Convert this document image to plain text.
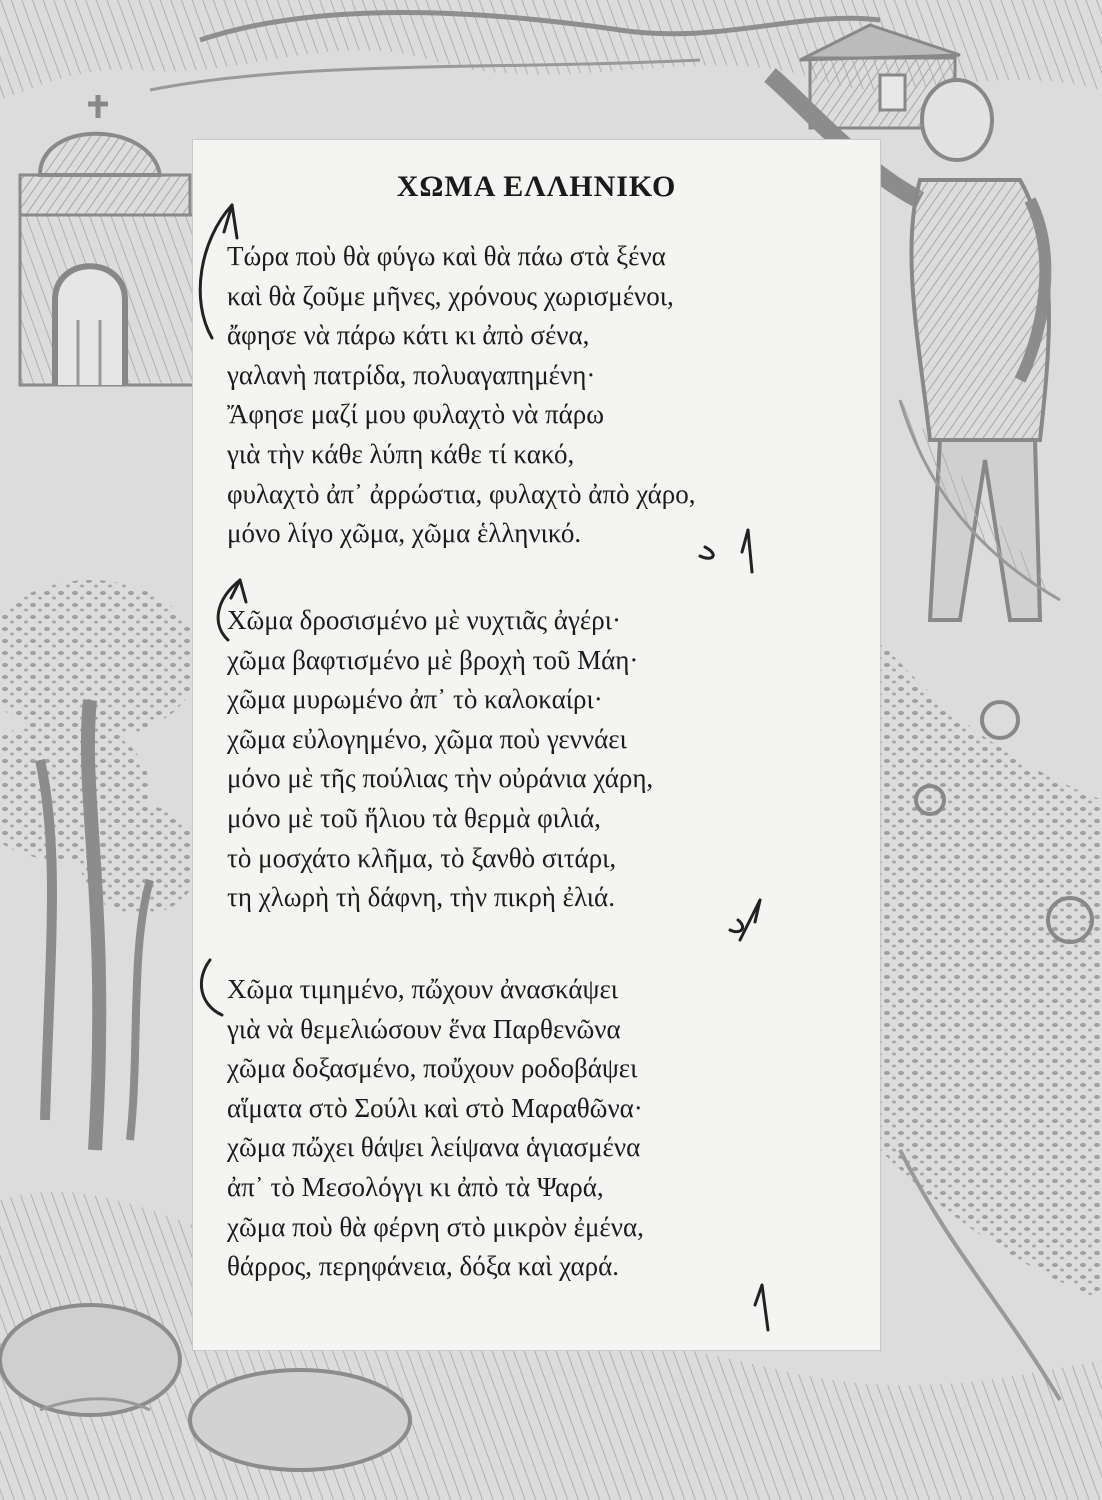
ΧΩΜΑ ΕΛΛΗΝΙΚΟ
Τώρα ποὺ θὰ φύγω καὶ θὰ πάω στὰ ξένα
καὶ θὰ ζοῦμε μῆνες, χρόνους χωρισμένοι,
ἄφησε νὰ πάρω κάτι κι ἀπὸ σένα,
γαλανὴ πατρίδα, πολυαγαπημένη·
Ἄφησε μαζί μου φυλαχτὸ νὰ πάρω
γιὰ τὴν κάθε λύπη κάθε τί κακό,
φυλαχτὸ ἀπ᾽ ἀρρώστια, φυλαχτὸ ἀπὸ χάρο,
μόνο λίγο χῶμα, χῶμα ἑλληνικό.
Χῶμα δροσισμένο μὲ νυχτιᾶς ἀγέρι·
χῶμα βαφτισμένο μὲ βροχὴ τοῦ Μάη·
χῶμα μυρωμένο ἀπ᾽ τὸ καλοκαίρι·
χῶμα εὐλογημένο, χῶμα ποὺ γεννάει
μόνο μὲ τῆς πούλιας τὴν οὐράνια χάρη,
μόνο μὲ τοῦ ἥλιου τὰ θερμὰ φιλιά,
τὸ μοσχάτο κλῆμα, τὸ ξανθὸ σιτάρι,
τη χλωρὴ τὴ δάφνη, τὴν πικρὴ ἐλιά.
Χῶμα τιμημένο, πὤχουν ἀνασκάψει
γιὰ νὰ θεμελιώσουν ἕνα Παρθενῶνα
χῶμα δοξασμένο, ποὔχουν ροδοβάψει
αἵματα στὸ Σούλι καὶ στὸ Μαραθῶνα·
χῶμα πὤχει θάψει λείψανα ἁγιασμένα
ἀπ᾽ τὸ Μεσολόγγι κι ἀπὸ τὰ Ψαρά,
χῶμα ποὺ θὰ φέρνη στὸ μικρὸν ἐμένα,
θάρρος, περηφάνεια, δόξα καὶ χαρά.
